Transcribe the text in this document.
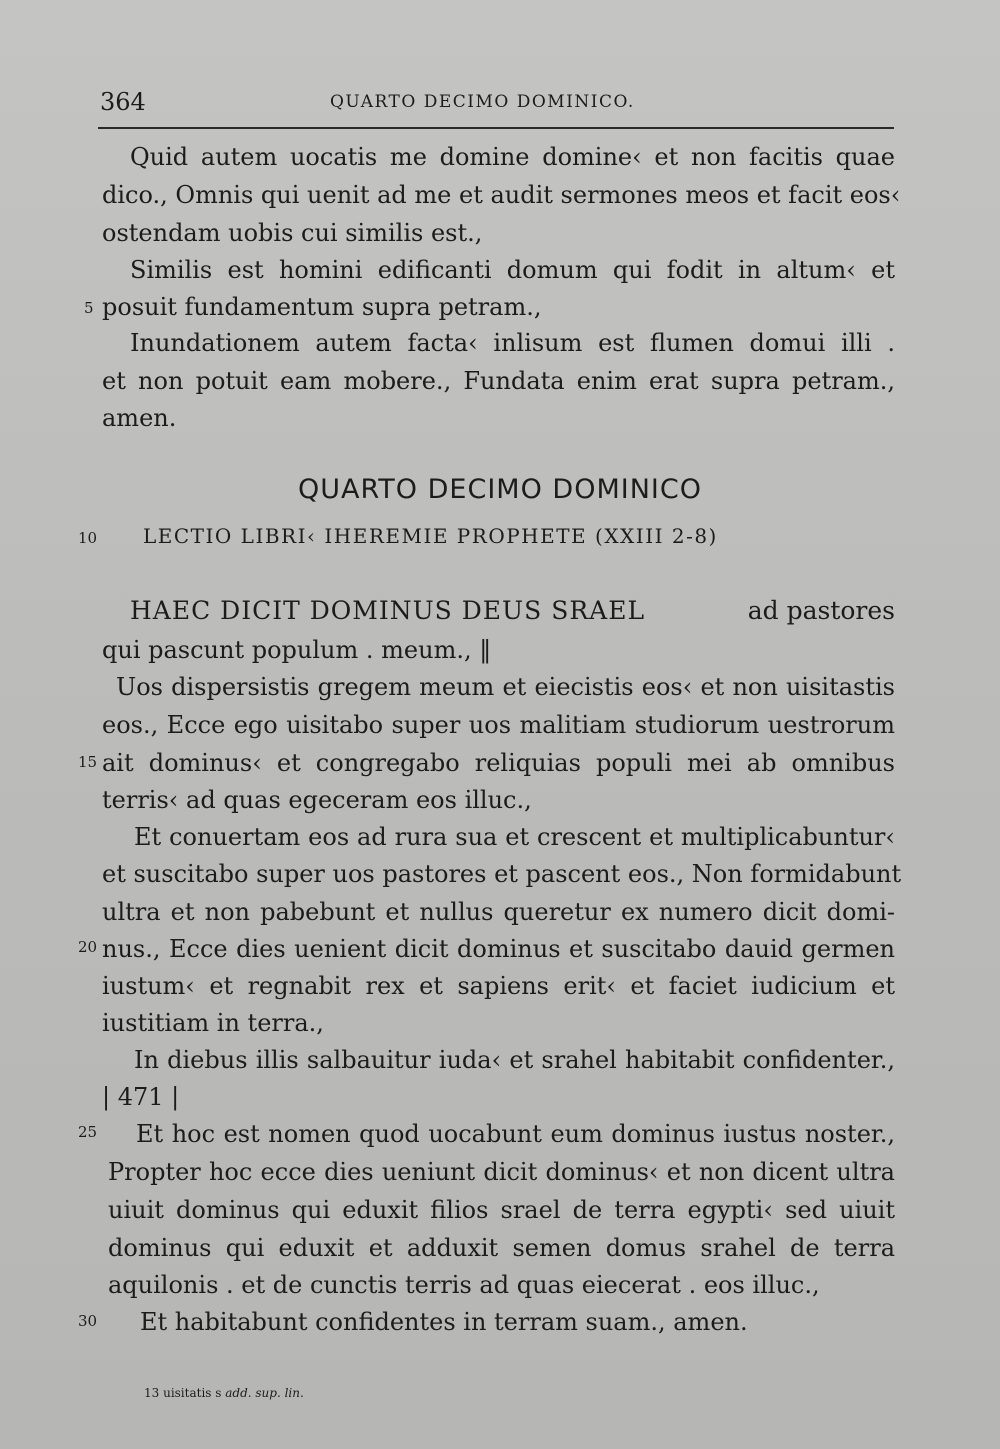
364	QUARTO DECIMO DOMINICO.
Quid autem uocatis me domine domine‹ et non facitis quae
dico., Omnis qui uenit ad me et audit sermones meos et facit eos‹
ostendam uobis cui similis est.,
Similis est homini edificanti domum qui fodit in altum‹ et
posuit fundamentum supra petram.,
Inundationem autem facta‹ inlisum est flumen domui illi .
et non potuit eam mobere., Fundata enim erat supra petram.,
amen.
QUARTO DECIMO DOMINICO
LECTIO LIBRI‹ IHEREMIE PROPHETE (XXIII 2-8)
HAEC DICIT DOMINUS DEUS SRAEL	ad pastores
qui pascunt populum . meum., ‖
Uos dispersistis gregem meum et eiecistis eos‹ et non uisitastis
eos., Ecce ego uisitabo super uos malitiam studiorum uestrorum
ait dominus‹ et congregabo reliquias populi mei ab omnibus
terris‹ ad quas egeceram eos illuc.,
Et conuertam eos ad rura sua et crescent et multiplicabuntur‹
et suscitabo super uos pastores et pascent eos., Non formidabunt
ultra et non pabebunt et nullus queretur ex numero dicit domi-
nus., Ecce dies uenient dicit dominus et suscitabo dauid germen
iustum‹ et regnabit rex et sapiens erit‹ et faciet iudicium et
iustitiam in terra.,
In diebus illis salbauitur iuda‹ et srahel habitabit confidenter.,
| 471 |
Et hoc est nomen quod uocabunt eum dominus iustus noster.,
Propter hoc ecce dies ueniunt dicit dominus‹ et non dicent ultra
uiuit dominus qui eduxit filios srael de terra egypti‹ sed uiuit
dominus qui eduxit et adduxit semen domus srahel de terra
aquilonis . et de cunctis terris ad quas eiecerat . eos illuc.,
Et habitabunt confidentes in terram suam., amen.
5
10
15
20
25
30
13 uisitatis s add. sup. lin.
